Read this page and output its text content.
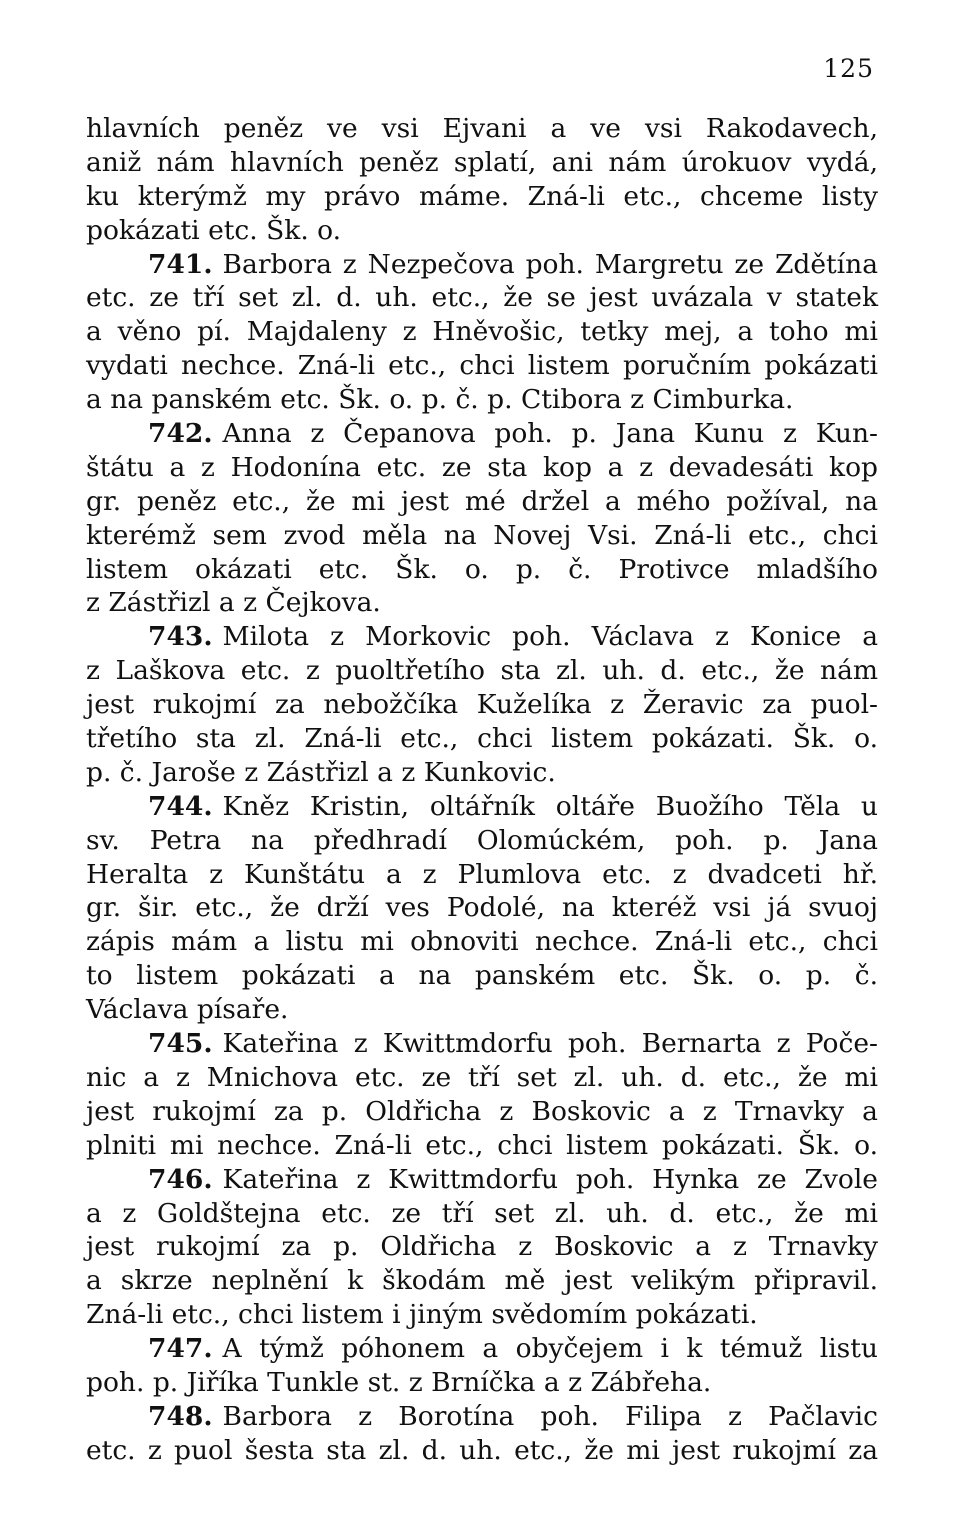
125
hlavních peněz ve vsi Ejvani a ve vsi Rakodavech,
aniž nám hlavních peněz splatí, ani nám úrokuov vydá,
ku kterýmž my právo máme. Zná-li etc., chceme listy
pokázati etc. Šk. o.
741. Barbora z Nezpečova poh. Margretu ze Zdětína
etc. ze tří set zl. d. uh. etc., že se jest uvázala v statek
a věno pí. Majdaleny z Hněvošic, tetky mej, a toho mi
vydati nechce. Zná-li etc., chci listem poručním pokázati
a na panském etc. Šk. o. p. č. p. Ctibora z Cimburka.
742. Anna z Čepanova poh. p. Jana Kunu z Kun-
štátu a z Hodonína etc. ze sta kop a z devadesáti kop
gr. peněz etc., že mi jest mé držel a mého požíval, na
kterémž sem zvod měla na Novej Vsi. Zná-li etc., chci
listem okázati etc. Šk. o. p. č. Protivce mladšího
z Zástřizl a z Čejkova.
743. Milota z Morkovic poh. Václava z Konice a
z Laškova etc. z puoltřetího sta zl. uh. d. etc., že nám
jest rukojmí za nebožčíka Kuželíka z Žeravic za puol-
třetího sta zl. Zná-li etc., chci listem pokázati. Šk. o.
p. č. Jaroše z Zástřizl a z Kunkovic.
744. Kněz Kristin, oltářník oltáře Buožího Těla u
sv. Petra na předhradí Olomúckém, poh. p. Jana
Heralta z Kunštátu a z Plumlova etc. z dvadceti hř.
gr. šir. etc., že drží ves Podolé, na kteréž vsi já svuoj
zápis mám a listu mi obnoviti nechce. Zná-li etc., chci
to listem pokázati a na panském etc. Šk. o. p. č.
Václava písaře.
745. Kateřina z Kwittmdorfu poh. Bernarta z Poče-
nic a z Mnichova etc. ze tří set zl. uh. d. etc., že mi
jest rukojmí za p. Oldřicha z Boskovic a z Trnavky a
plniti mi nechce. Zná-li etc., chci listem pokázati. Šk. o.
746. Kateřina z Kwittmdorfu poh. Hynka ze Zvole
a z Goldštejna etc. ze tří set zl. uh. d. etc., že mi
jest rukojmí za p. Oldřicha z Boskovic a z Trnavky
a skrze neplnění k škodám mě jest velikým připravil.
Zná-li etc., chci listem i jiným svědomím pokázati.
747. A týmž póhonem a obyčejem i k témuž listu
poh. p. Jiříka Tunkle st. z Brníčka a z Zábřeha.
748. Barbora z Borotína poh. Filipa z Pačlavic
etc. z puol šesta sta zl. d. uh. etc., že mi jest rukojmí za
